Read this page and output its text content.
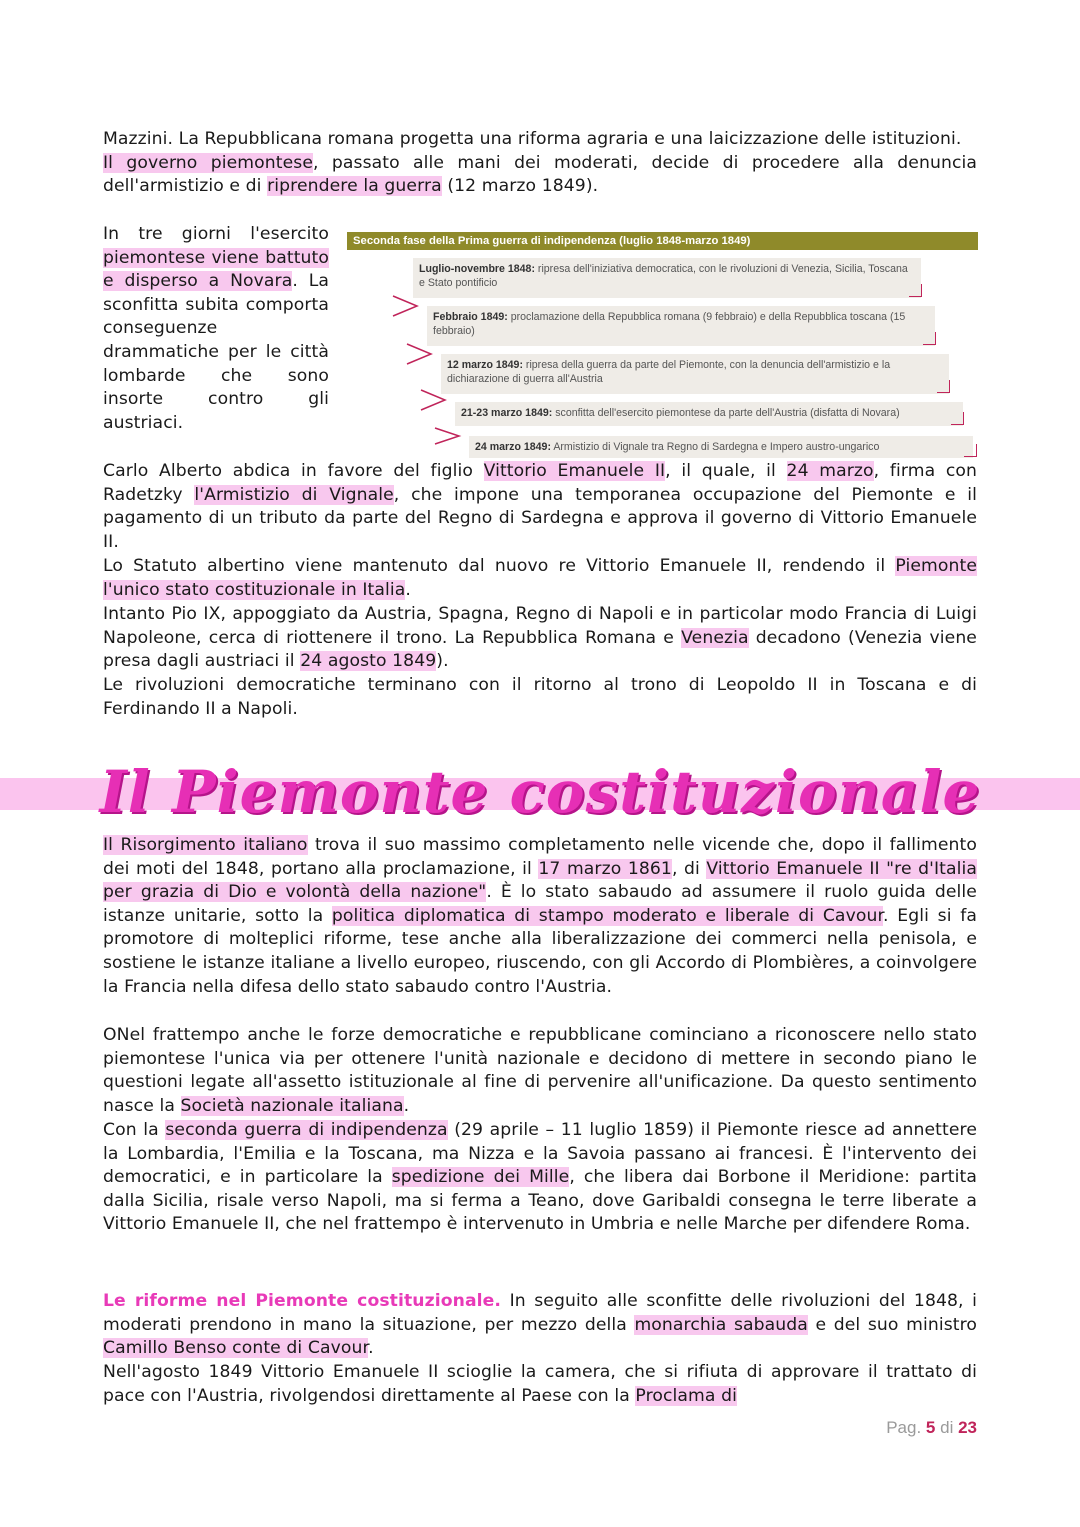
Mazzini. La Repubblicana romana progetta una riforma agraria e una laicizzazione delle istituzioni.
Il governo piemontese, passato alle mani dei moderati, decide di procedere alla denuncia dell'armistizio e di riprendere la guerra (12 marzo 1849).
In tre giorni l'esercito piemontese viene battuto e disperso a Novara. La sconfitta subita comporta conseguenze drammatiche per le città lombarde che sono insorte contro gli austriaci.
Seconda fase della Prima guerra di indipendenza (luglio 1848-marzo 1849)
Luglio-novembre 1848: ripresa dell'iniziativa democratica, con le rivoluzioni di Venezia, Sicilia, Toscana e Stato pontificio
Febbraio 1849: proclamazione della Repubblica romana (9 febbraio) e della Repubblica toscana (15 febbraio)
12 marzo 1849: ripresa della guerra da parte del Piemonte, con la denuncia dell'armistizio e la dichiarazione di guerra all'Austria
21-23 marzo 1849: sconfitta dell'esercito piemontese da parte dell'Austria (disfatta di Novara)
24 marzo 1849: Armistizio di Vignale tra Regno di Sardegna e Impero austro-ungarico
Carlo Alberto abdica in favore del figlio Vittorio Emanuele II, il quale, il 24 marzo, firma con Radetzky l'Armistizio di Vignale, che impone una temporanea occupazione del Piemonte e il pagamento di un tributo da parte del Regno di Sardegna e approva il governo di Vittorio Emanuele II.
Lo Statuto albertino viene mantenuto dal nuovo re Vittorio Emanuele II, rendendo il Piemonte l'unico stato costituzionale in Italia.
Intanto Pio IX, appoggiato da Austria, Spagna, Regno di Napoli e in particolar modo Francia di Luigi Napoleone, cerca di riottenere il trono. La Repubblica Romana e Venezia decadono (Venezia viene presa dagli austriaci il 24 agosto 1849).
Le rivoluzioni democratiche terminano con il ritorno al trono di Leopoldo II in Toscana e di Ferdinando II a Napoli.
Il Piemonte costituzionale
Il Risorgimento italiano trova il suo massimo completamento nelle vicende che, dopo il fallimento dei moti del 1848, portano alla proclamazione, il 17 marzo 1861, di Vittorio Emanuele II "re d'Italia per grazia di Dio e volontà della nazione". È lo stato sabaudo ad assumere il ruolo guida delle istanze unitarie, sotto la politica diplomatica di stampo moderato e liberale di Cavour. Egli si fa promotore di molteplici riforme, tese anche alla liberalizzazione dei commerci nella penisola, e sostiene le istanze italiane a livello europeo, riuscendo, con gli Accordo di Plombières, a coinvolgere la Francia nella difesa dello stato sabaudo contro l'Austria.
ONel frattempo anche le forze democratiche e repubblicane cominciano a riconoscere nello stato piemontese l'unica via per ottenere l'unità nazionale e decidono di mettere in secondo piano le questioni legate all'assetto istituzionale al fine di pervenire all'unificazione. Da questo sentimento nasce la Società nazionale italiana.
Con la seconda guerra di indipendenza (29 aprile – 11 luglio 1859) il Piemonte riesce ad annettere la Lombardia, l'Emilia e la Toscana, ma Nizza e la Savoia passano ai francesi. È l'intervento dei democratici, e in particolare la spedizione dei Mille, che libera dai Borbone il Meridione: partita dalla Sicilia, risale verso Napoli, ma si ferma a Teano, dove Garibaldi consegna le terre liberate a Vittorio Emanuele II, che nel frattempo è intervenuto in Umbria e nelle Marche per difendere Roma.
Le riforme nel Piemonte costituzionale. In seguito alle sconfitte delle rivoluzioni del 1848, i moderati prendono in mano la situazione, per mezzo della monarchia sabauda e del suo ministro Camillo Benso conte di Cavour.
Nell'agosto 1849 Vittorio Emanuele II scioglie la camera, che si rifiuta di approvare il trattato di pace con l'Austria, rivolgendosi direttamente al Paese con la Proclama di
Pag. 5 di 23
